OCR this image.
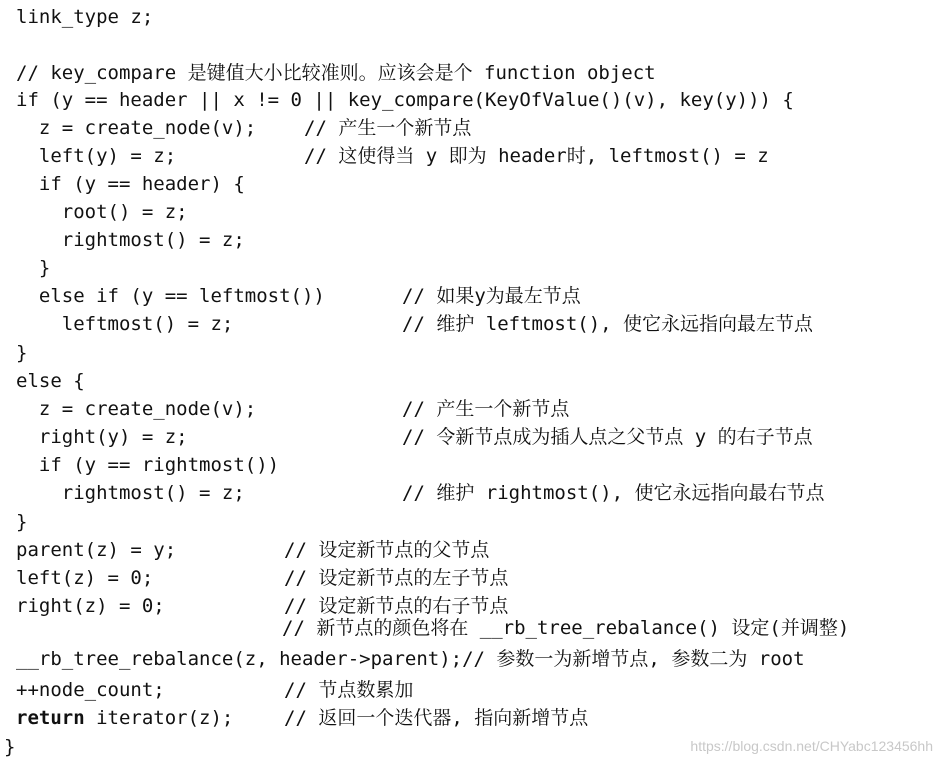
link_type z;
// key_compare 是键值大小比较准则。应该会是个 function object
if (y == header || x != 0 || key_compare(KeyOfValue()(v), key(y))) {
z = create_node(v);	// 产生一个新节点
left(y) = z;	// 这使得当 y 即为 header时, leftmost() = z
if (y == header) {
root() = z;
rightmost() = z;
}
else if (y == leftmost())	// 如果y为最左节点
leftmost() = z;	// 维护 leftmost(), 使它永远指向最左节点
}
else {
z = create_node(v);	// 产生一个新节点
right(y) = z;	// 令新节点成为插人点之父节点 y 的右子节点
if (y == rightmost())
rightmost() = z;	// 维护 rightmost(), 使它永远指向最右节点
}
parent(z) = y;	// 设定新节点的父节点
left(z) = 0;	// 设定新节点的左子节点
right(z) = 0;	// 设定新节点的右子节点
// 新节点的颜色将在 __rb_tree_rebalance() 设定(并调整)
__rb_tree_rebalance(z, header->parent);// 参数一为新增节点, 参数二为 root
++node_count;	// 节点数累加
return iterator(z);	// 返回一个迭代器, 指向新增节点
}	https://blog.csdn.net/CHYabc123456hh
